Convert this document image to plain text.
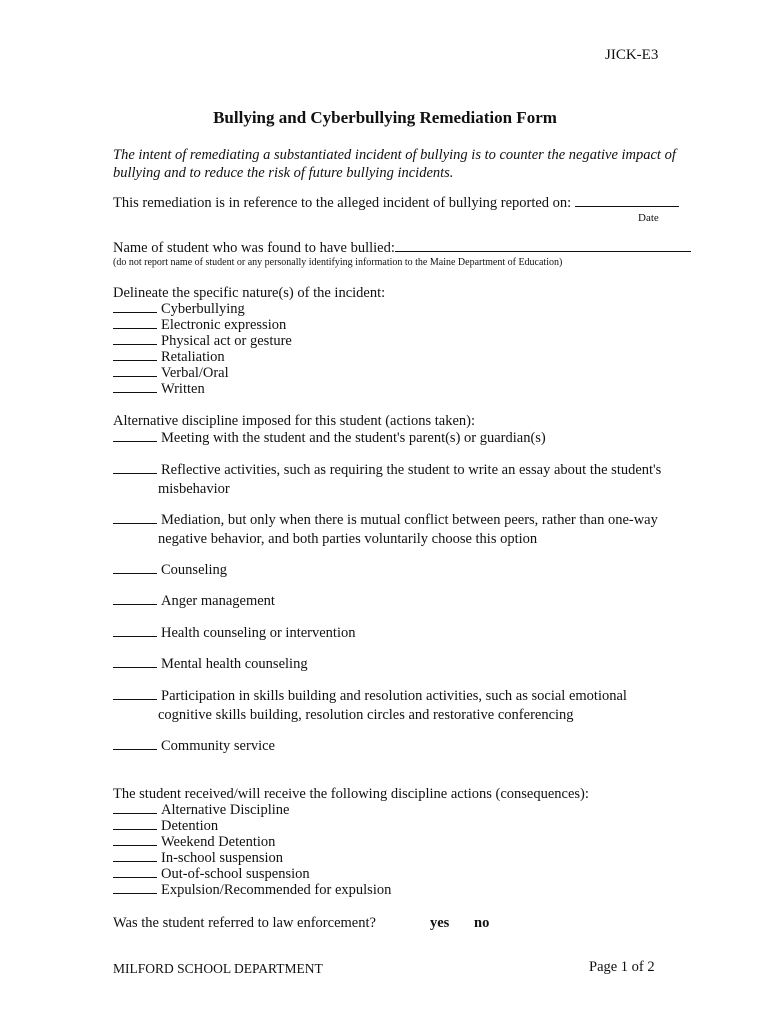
JICK-E3
Bullying and Cyberbullying Remediation Form
The intent of remediating a substantiated incident of bullying is to counter the negative impact of bullying and to reduce the risk of future bullying incidents.
This remediation is in reference to the alleged incident of bullying reported on:
Date
Name of student who was found to have bullied:
(do not report name of student or any personally identifying information to the Maine Department of Education)
Delineate the specific nature(s) of the incident:
Cyberbullying
Electronic expression
Physical act or gesture
Retaliation
Verbal/Oral
Written
Alternative discipline imposed for this student (actions taken):
Meeting with the student and the student's parent(s) or guardian(s)
Reflective activities, such as requiring the student to write an essay about the student's
misbehavior
Mediation, but only when there is mutual conflict between peers, rather than one-way
negative behavior, and both parties voluntarily choose this option
Counseling
Anger management
Health counseling or intervention
Mental health counseling
Participation in skills building and resolution activities, such as social emotional
cognitive skills building, resolution circles and restorative conferencing
Community service
The student received/will receive the following discipline actions (consequences):
Alternative Discipline
Detention
Weekend Detention
In-school suspension
Out-of-school suspension
Expulsion/Recommended for expulsion
Was the student referred to law enforcement?	yes no
MILFORD SCHOOL DEPARTMENT	Page 1 of 2
